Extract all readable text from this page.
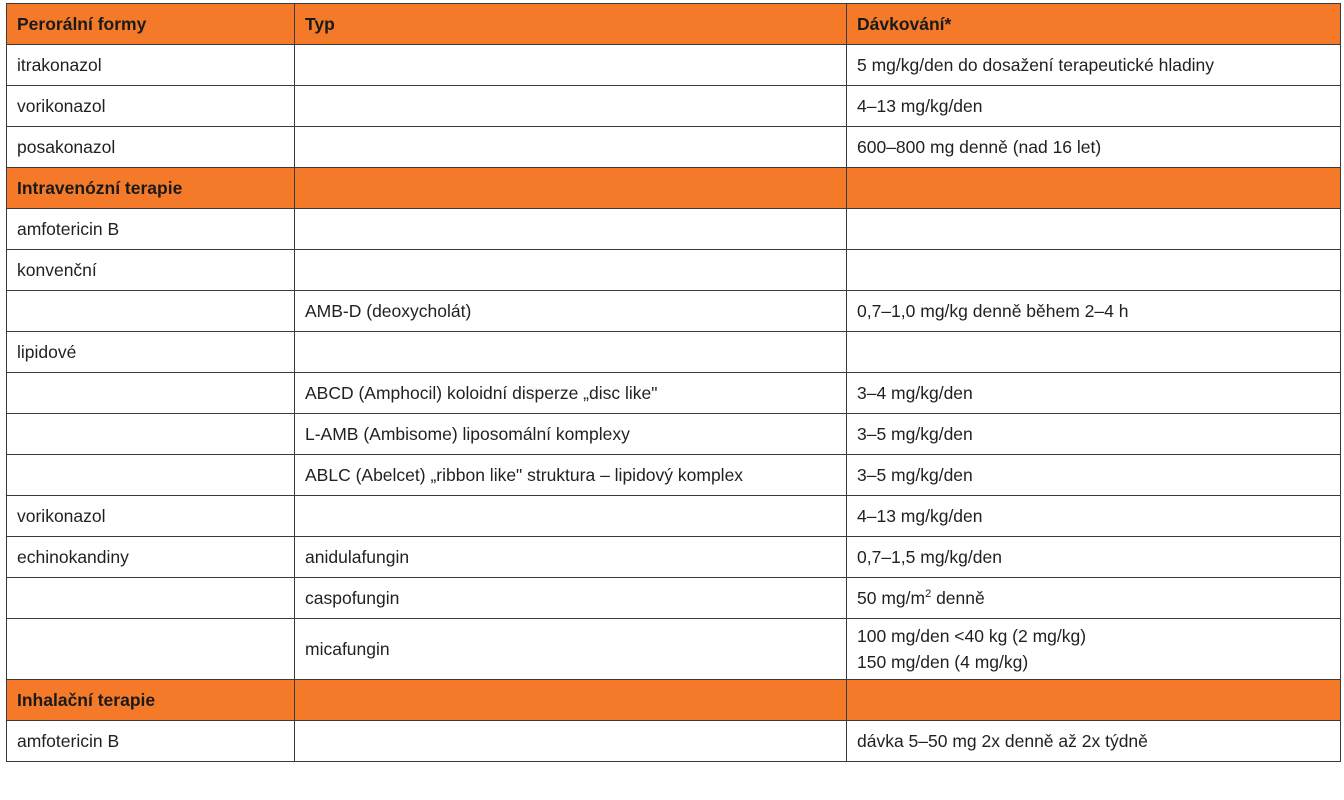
Perorální formy	Typ	Dávkování*
itrakonazol		5 mg/kg/den do dosažení terapeutické hladiny
vorikonazol		4–13 mg/kg/den
posakonazol		600–800 mg denně (nad 16 let)
Intravenózní terapie		
amfotericin B		
konvenční		
	AMB-D (deoxycholát)	0,7–1,0 mg/kg denně během 2–4 h
lipidové		
	ABCD (Amphocil) koloidní disperze „disc like"	3–4 mg/kg/den
	L-AMB (Ambisome) liposomální komplexy	3–5 mg/kg/den
	ABLC (Abelcet) „ribbon like" struktura – lipidový komplex	3–5 mg/kg/den
vorikonazol		4–13 mg/kg/den
echinokandiny	anidulafungin	0,7–1,5 mg/kg/den
	caspofungin	50 $mg/m^2$ denně
	micafungin	100 mg/den <40 kg (2 mg/kg)
150 mg/den (4 mg/kg)

Inhalační terapie		
amfotericin B		dávka 5–50 mg 2x denně až 2x týdně
